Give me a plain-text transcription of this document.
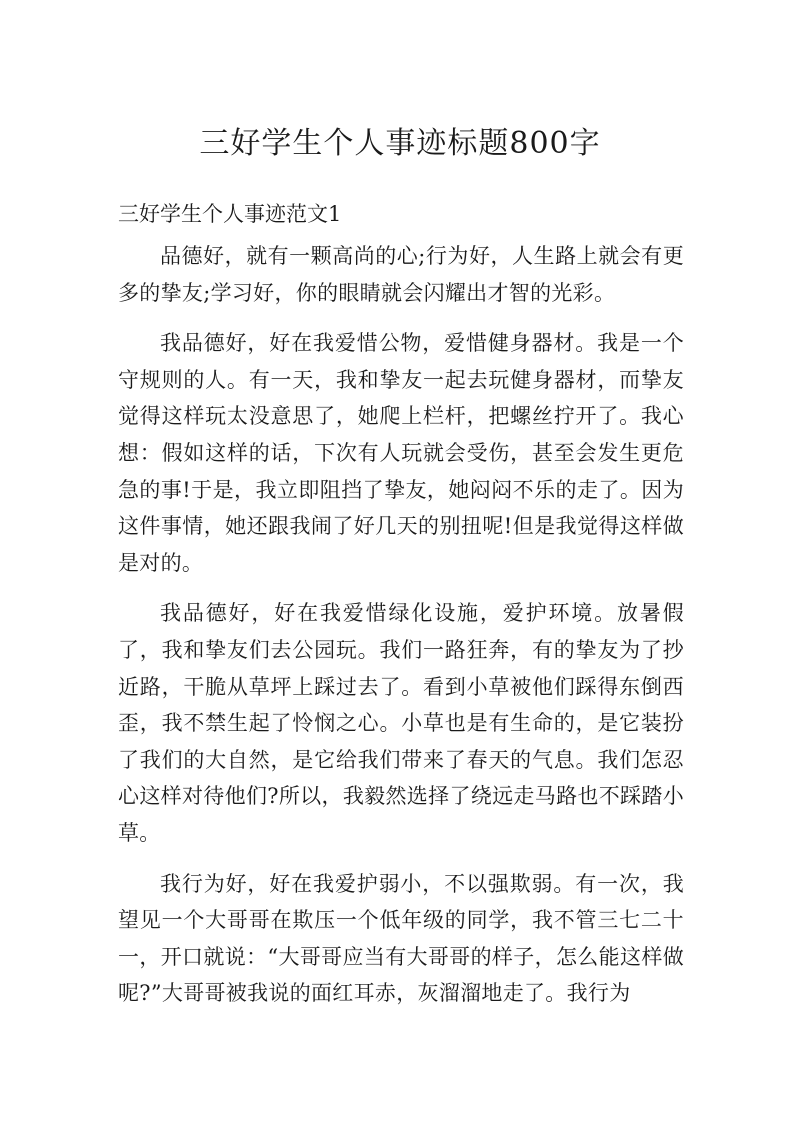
三好学生个人事迹标题800字
三好学生个人事迹范文1

品德好，就有一颗高尚的心;行为好，人生路上就会有更多的挚友;学习好，你的眼睛就会闪耀出才智的光彩。

我品德好，好在我爱惜公物，爱惜健身器材。我是一个守规则的人。有一天，我和挚友一起去玩健身器材，而挚友觉得这样玩太没意思了，她爬上栏杆，把螺丝拧开了。我心想：假如这样的话，下次有人玩就会受伤，甚至会发生更危急的事!于是，我立即阻挡了挚友，她闷闷不乐的走了。因为这件事情，她还跟我闹了好几天的别扭呢!但是我觉得这样做是对的。

我品德好，好在我爱惜绿化设施，爱护环境。放暑假了，我和挚友们去公园玩。我们一路狂奔，有的挚友为了抄近路，干脆从草坪上踩过去了。看到小草被他们踩得东倒西歪，我不禁生起了怜悯之心。小草也是有生命的，是它装扮了我们的大自然，是它给我们带来了春天的气息。我们怎忍心这样对待他们?所以，我毅然选择了绕远走马路也不踩踏小草。

我行为好，好在我爱护弱小，不以强欺弱。有一次，我望见一个大哥哥在欺压一个低年级的同学，我不管三七二十一，开口就说：“大哥哥应当有大哥哥的样子，怎么能这样做呢?”大哥哥被我说的面红耳赤，灰溜溜地走了。我行为
